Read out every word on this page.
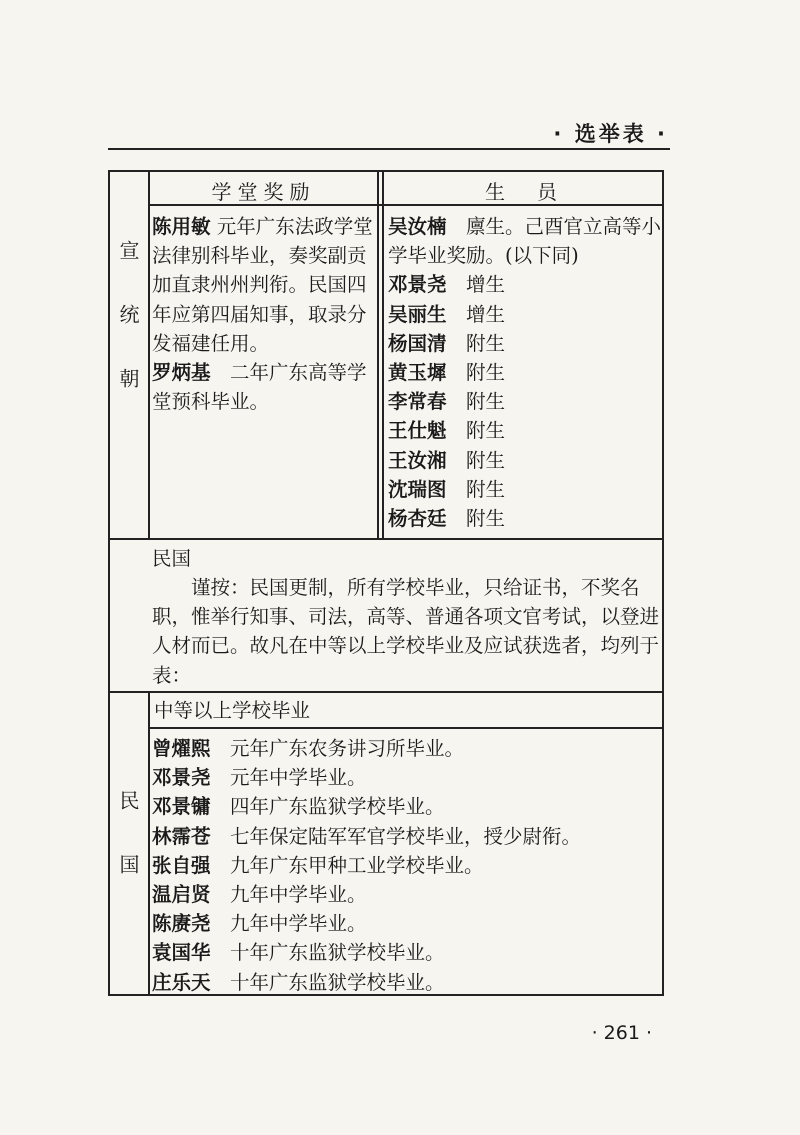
· 选举表 ·
宣统朝
学堂奖励	生　员
陈用敏 元年广东法政学堂法律别科毕业，奏奖副贡加直隶州州判衔。民国四年应第四届知事，取录分发福建任用。
罗炳基　二年广东高等学堂预科毕业。
吴汝楠　廪生。己酉官立高等小学毕业奖励。(以下同)
邓景尧　增生
吴丽生　增生
杨国清　附生
黄玉墀　附生
李常春　附生
王仕魁　附生
王汝湘　附生
沈瑞图　附生
杨杏廷　附生
民国
谨按：民国更制，所有学校毕业，只给证书，不奖名职，惟举行知事、司法，高等、普通各项文官考试，以登进人材而已。故凡在中等以上学校毕业及应试获选者，均列于表：
民国
中等以上学校毕业
曾燿熙　元年广东农务讲习所毕业。
邓景尧　元年中学毕业。
邓景镛　四年广东监狱学校毕业。
林霈苍　七年保定陆军军官学校毕业，授少尉衔。
张自强　九年广东甲种工业学校毕业。
温启贤　九年中学毕业。
陈赓尧　九年中学毕业。
袁国华　十年广东监狱学校毕业。
庄乐天　十年广东监狱学校毕业。
· 261 ·
